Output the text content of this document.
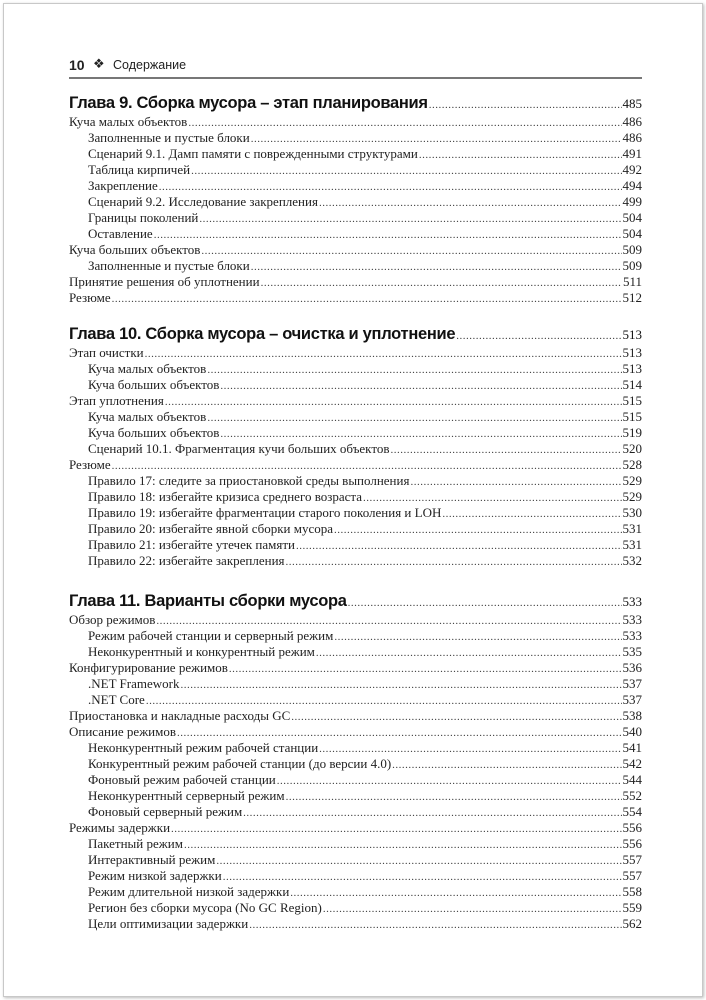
10 ❖ Содержание
Глава 9. Сборка мусора – этап планирования .....	485
Куча малых объектов .....	486
Заполненные и пустые блоки .....	486
Сценарий 9.1. Дамп памяти с поврежденными структурами .....	491
Таблица кирпичей .....	492
Закрепление .....	494
Сценарий 9.2. Исследование закрепления .....	499
Границы поколений .....	504
Оставление .....	504
Куча больших объектов .....	509
Заполненные и пустые блоки .....	509
Принятие решения об уплотнении .....	511
Резюме .....	512
Глава 10. Сборка мусора – очистка и уплотнение .....	513
Этап очистки .....	513
Куча малых объектов .....	513
Куча больших объектов .....	514
Этап уплотнения .....	515
Куча малых объектов .....	515
Куча больших объектов .....	519
Сценарий 10.1. Фрагментация кучи больших объектов .....	520
Резюме .....	528
Правило 17: следите за приостановкой среды выполнения .....	529
Правило 18: избегайте кризиса среднего возраста .....	529
Правило 19: избегайте фрагментации старого поколения и LOH .....	530
Правило 20: избегайте явной сборки мусора .....	531
Правило 21: избегайте утечек памяти .....	531
Правило 22: избегайте закрепления .....	532
Глава 11. Варианты сборки мусора .....	533
Обзор режимов .....	533
Режим рабочей станции и серверный режим .....	533
Неконкурентный и конкурентный режим .....	535
Конфигурирование режимов .....	536
.NET Framework .....	537
.NET Core .....	537
Приостановка и накладные расходы GC .....	538
Описание режимов .....	540
Неконкурентный режим рабочей станции .....	541
Конкурентный режим рабочей станции (до версии 4.0) .....	542
Фоновый режим рабочей станции .....	544
Неконкурентный серверный режим .....	552
Фоновый серверный режим .....	554
Режимы задержки .....	556
Пакетный режим .....	556
Интерактивный режим .....	557
Режим низкой задержки .....	557
Режим длительной низкой задержки .....	558
Регион без сборки мусора (No GC Region) .....	559
Цели оптимизации задержки .....	562
